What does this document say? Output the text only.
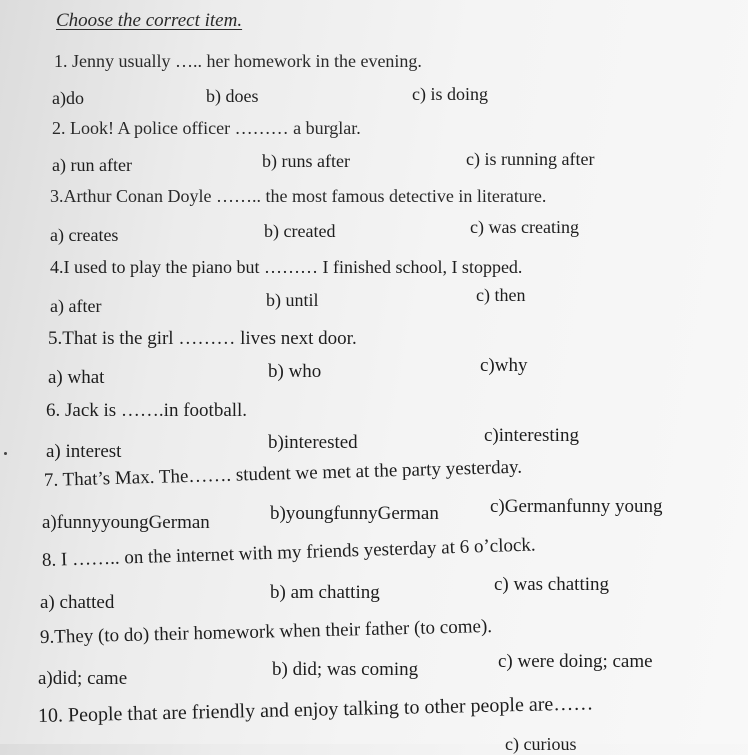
Choose the correct item.
1. Jenny usually ….. her homework in the evening.
a)do	b) does	c) is doing
2. Look! A police officer ……… a burglar.
a) run after	b) runs after	c) is running after
3.Arthur Conan Doyle …….. the most famous detective in literature.
a) creates	b) created	c) was creating
4.I used to play the piano but ……… I finished school, I stopped.
a) after	b) until	c) then
5.That is the girl ……… lives next door.
a) what	b) who	c)why
6. Jack is …….in football.
a) interest	b)interested	c)interesting
7. That’s Max. The……. student we met at the party yesterday.
a)funnyyoungGerman	b)youngfunnyGerman	c)Germanfunny young
8. I …….. on the internet with my friends yesterday at 6 o’clock.
a) chatted	b) am chatting	c) was chatting
9.They (to do) their homework when their father (to come).
a)did; came	b) did; was coming	c) were doing; came
10. People that are friendly and enjoy talking to other people are……
c) curious
